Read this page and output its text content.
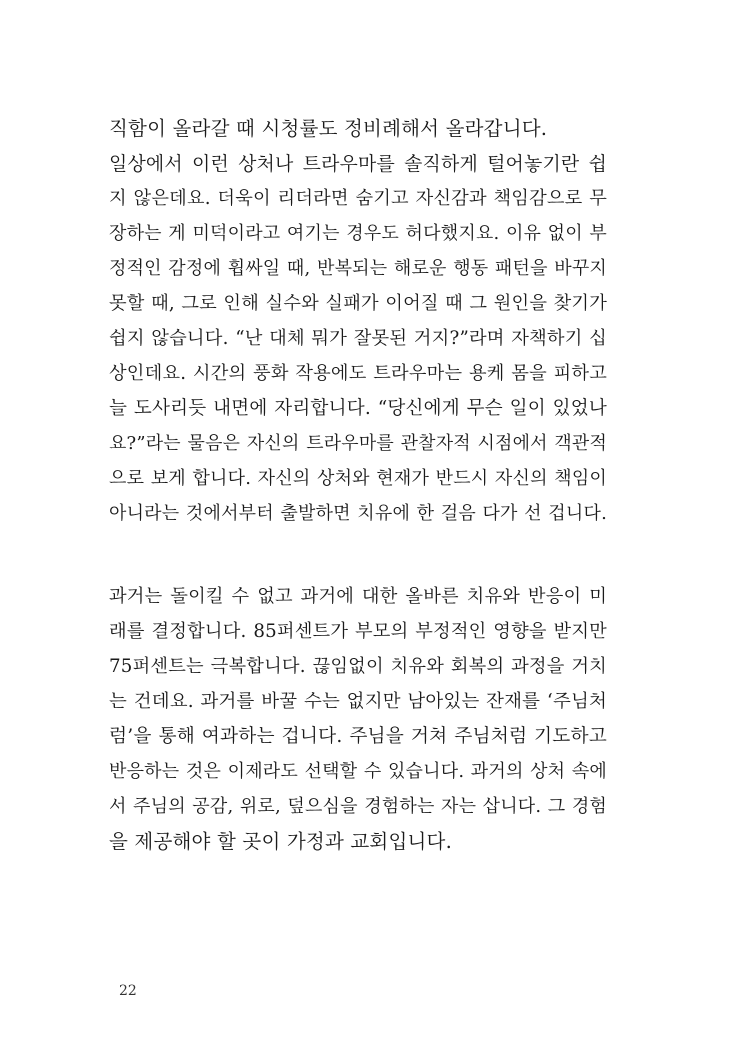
직함이 올라갈 때 시청률도 정비례해서 올라갑니다.
일상에서 이런 상처나 트라우마를 솔직하게 털어놓기란 쉽
지 않은데요. 더욱이 리더라면 숨기고 자신감과 책임감으로 무
장하는 게 미덕이라고 여기는 경우도 허다했지요. 이유 없이 부
정적인 감정에 휩싸일 때, 반복되는 해로운 행동 패턴을 바꾸지
못할 때, 그로 인해 실수와 실패가 이어질 때 그 원인을 찾기가
쉽지 않습니다. “난 대체 뭐가 잘못된 거지?”라며 자책하기 십
상인데요. 시간의 풍화 작용에도 트라우마는 용케 몸을 피하고
늘 도사리듯 내면에 자리합니다. “당신에게 무슨 일이 있었나
요?”라는 물음은 자신의 트라우마를 관찰자적 시점에서 객관적
으로 보게 합니다. 자신의 상처와 현재가 반드시 자신의 책임이
아니라는 것에서부터 출발하면 치유에 한 걸음 다가 선 겁니다.
과거는 돌이킬 수 없고 과거에 대한 올바른 치유와 반응이 미
래를 결정합니다. 85퍼센트가 부모의 부정적인 영향을 받지만
75퍼센트는 극복합니다. 끊임없이 치유와 회복의 과정을 거치
는 건데요. 과거를 바꿀 수는 없지만 남아있는 잔재를 ‘주님처
럼’을 통해 여과하는 겁니다. 주님을 거쳐 주님처럼 기도하고
반응하는 것은 이제라도 선택할 수 있습니다. 과거의 상처 속에
서 주님의 공감, 위로, 덮으심을 경험하는 자는 삽니다. 그 경험
을 제공해야 할 곳이 가정과 교회입니다.
22
